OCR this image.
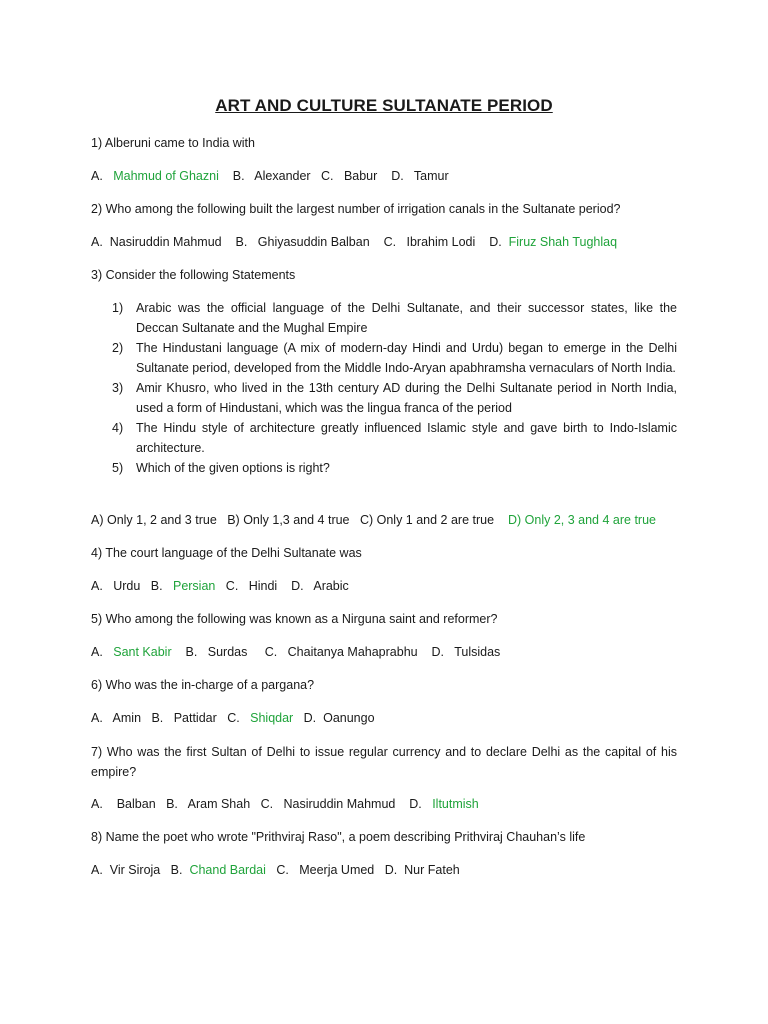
ART AND CULTURE SULTANATE PERIOD
1) Alberuni came to India with
A. Mahmud of Ghazni B. Alexander C. Babur D. Tamur
2) Who among the following built the largest number of irrigation canals in the Sultanate period?
A. Nasiruddin Mahmud B. Ghiyasuddin Balban C. Ibrahim Lodi D. Firuz Shah Tughlaq
3) Consider the following Statements
1) Arabic was the official language of the Delhi Sultanate, and their successor states, like the Deccan Sultanate and the Mughal Empire
2) The Hindustani language (A mix of modern-day Hindi and Urdu) began to emerge in the Delhi Sultanate period, developed from the Middle Indo-Aryan apabhramsha vernaculars of North India.
3) Amir Khusro, who lived in the 13th century AD during the Delhi Sultanate period in North India, used a form of Hindustani, which was the lingua franca of the period
4) The Hindu style of architecture greatly influenced Islamic style and gave birth to Indo-Islamic architecture.
5) Which of the given options is right?
A) Only 1, 2 and 3 true B) Only 1,3 and 4 true C) Only 1 and 2 are true D) Only 2, 3 and 4 are true
4) The court language of the Delhi Sultanate was
A. Urdu B. Persian C. Hindi D. Arabic
5) Who among the following was known as a Nirguna saint and reformer?
A. Sant Kabir B. Surdas C. Chaitanya Mahaprabhu D. Tulsidas
6) Who was the in-charge of a pargana?
A. Amin B. Pattidar C. Shiqdar D. Oanungo
7) Who was the first Sultan of Delhi to issue regular currency and to declare Delhi as the capital of his empire?
A. Balban B. Aram Shah C. Nasiruddin Mahmud D. Iltutmish
8) Name the poet who wrote "Prithviraj Raso", a poem describing Prithviraj Chauhan’s life
A. Vir Siroja B. Chand Bardai C. Meerja Umed D. Nur Fateh
